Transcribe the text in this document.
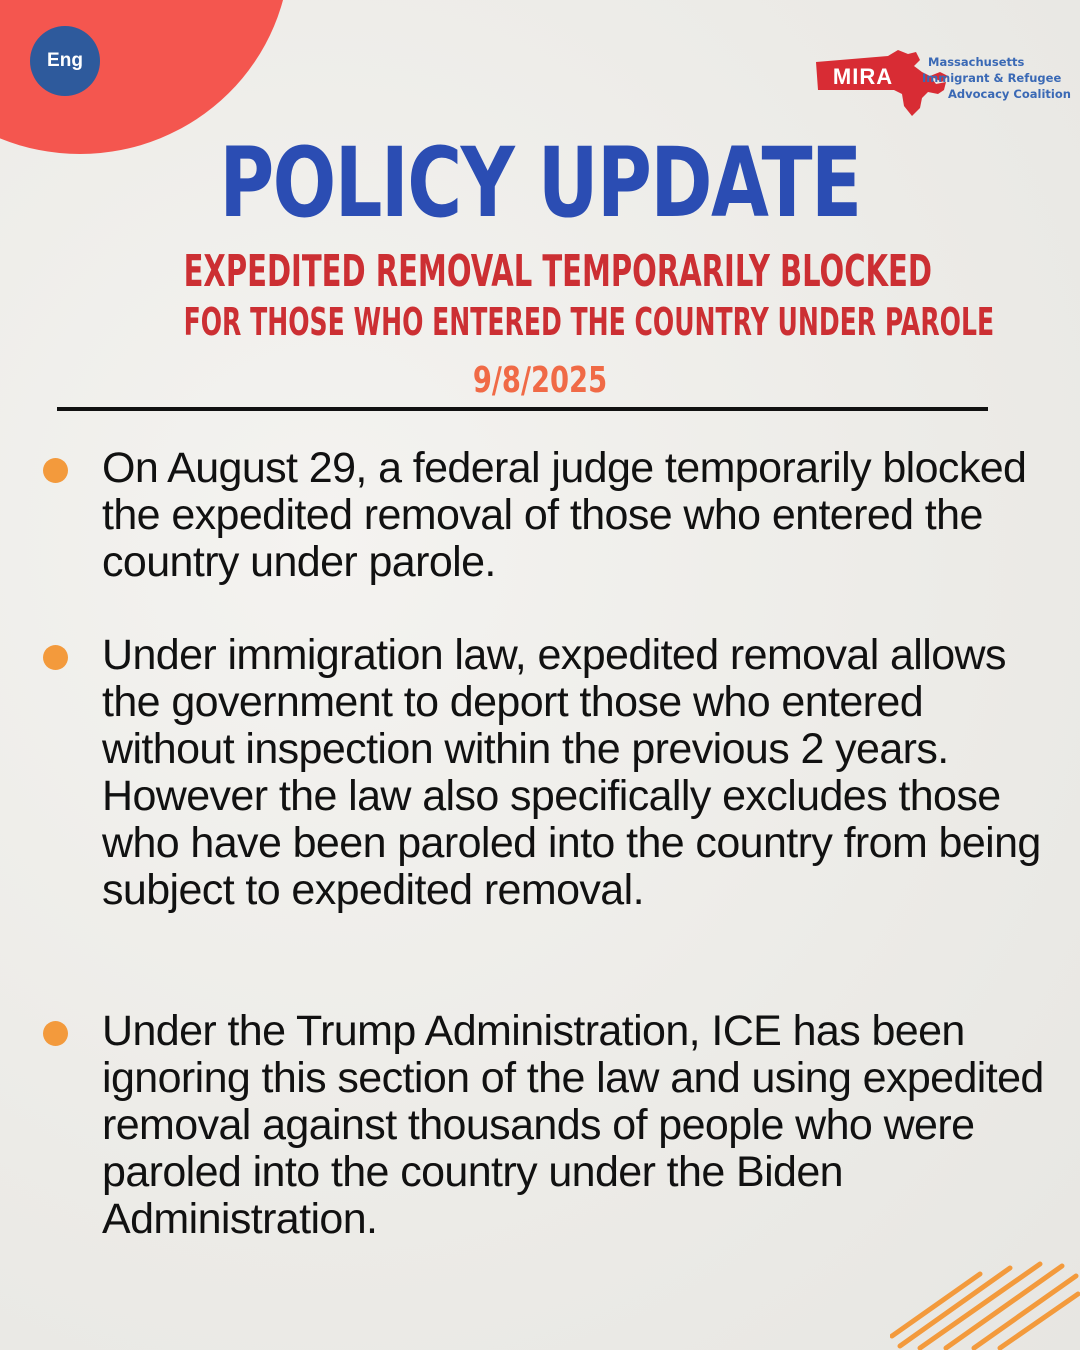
Eng
MIRA
Massachusetts
Immigrant & Refugee
Advocacy Coalition
POLICY UPDATE
EXPEDITED REMOVAL TEMPORARILY BLOCKED
FOR THOSE WHO ENTERED THE COUNTRY UNDER PAROLE
9/8/2025
On August 29, a federal judge temporarily blocked the expedited removal of those who entered the country under parole.
Under immigration law, expedited removal allows the government to deport those who entered without inspection within the previous 2 years. However the law also specifically excludes those who have been paroled into the country from being subject to expedited removal.
Under the Trump Administration, ICE has been ignoring this section of the law and using expedited removal against thousands of people who were paroled into the country under the Biden Administration.
